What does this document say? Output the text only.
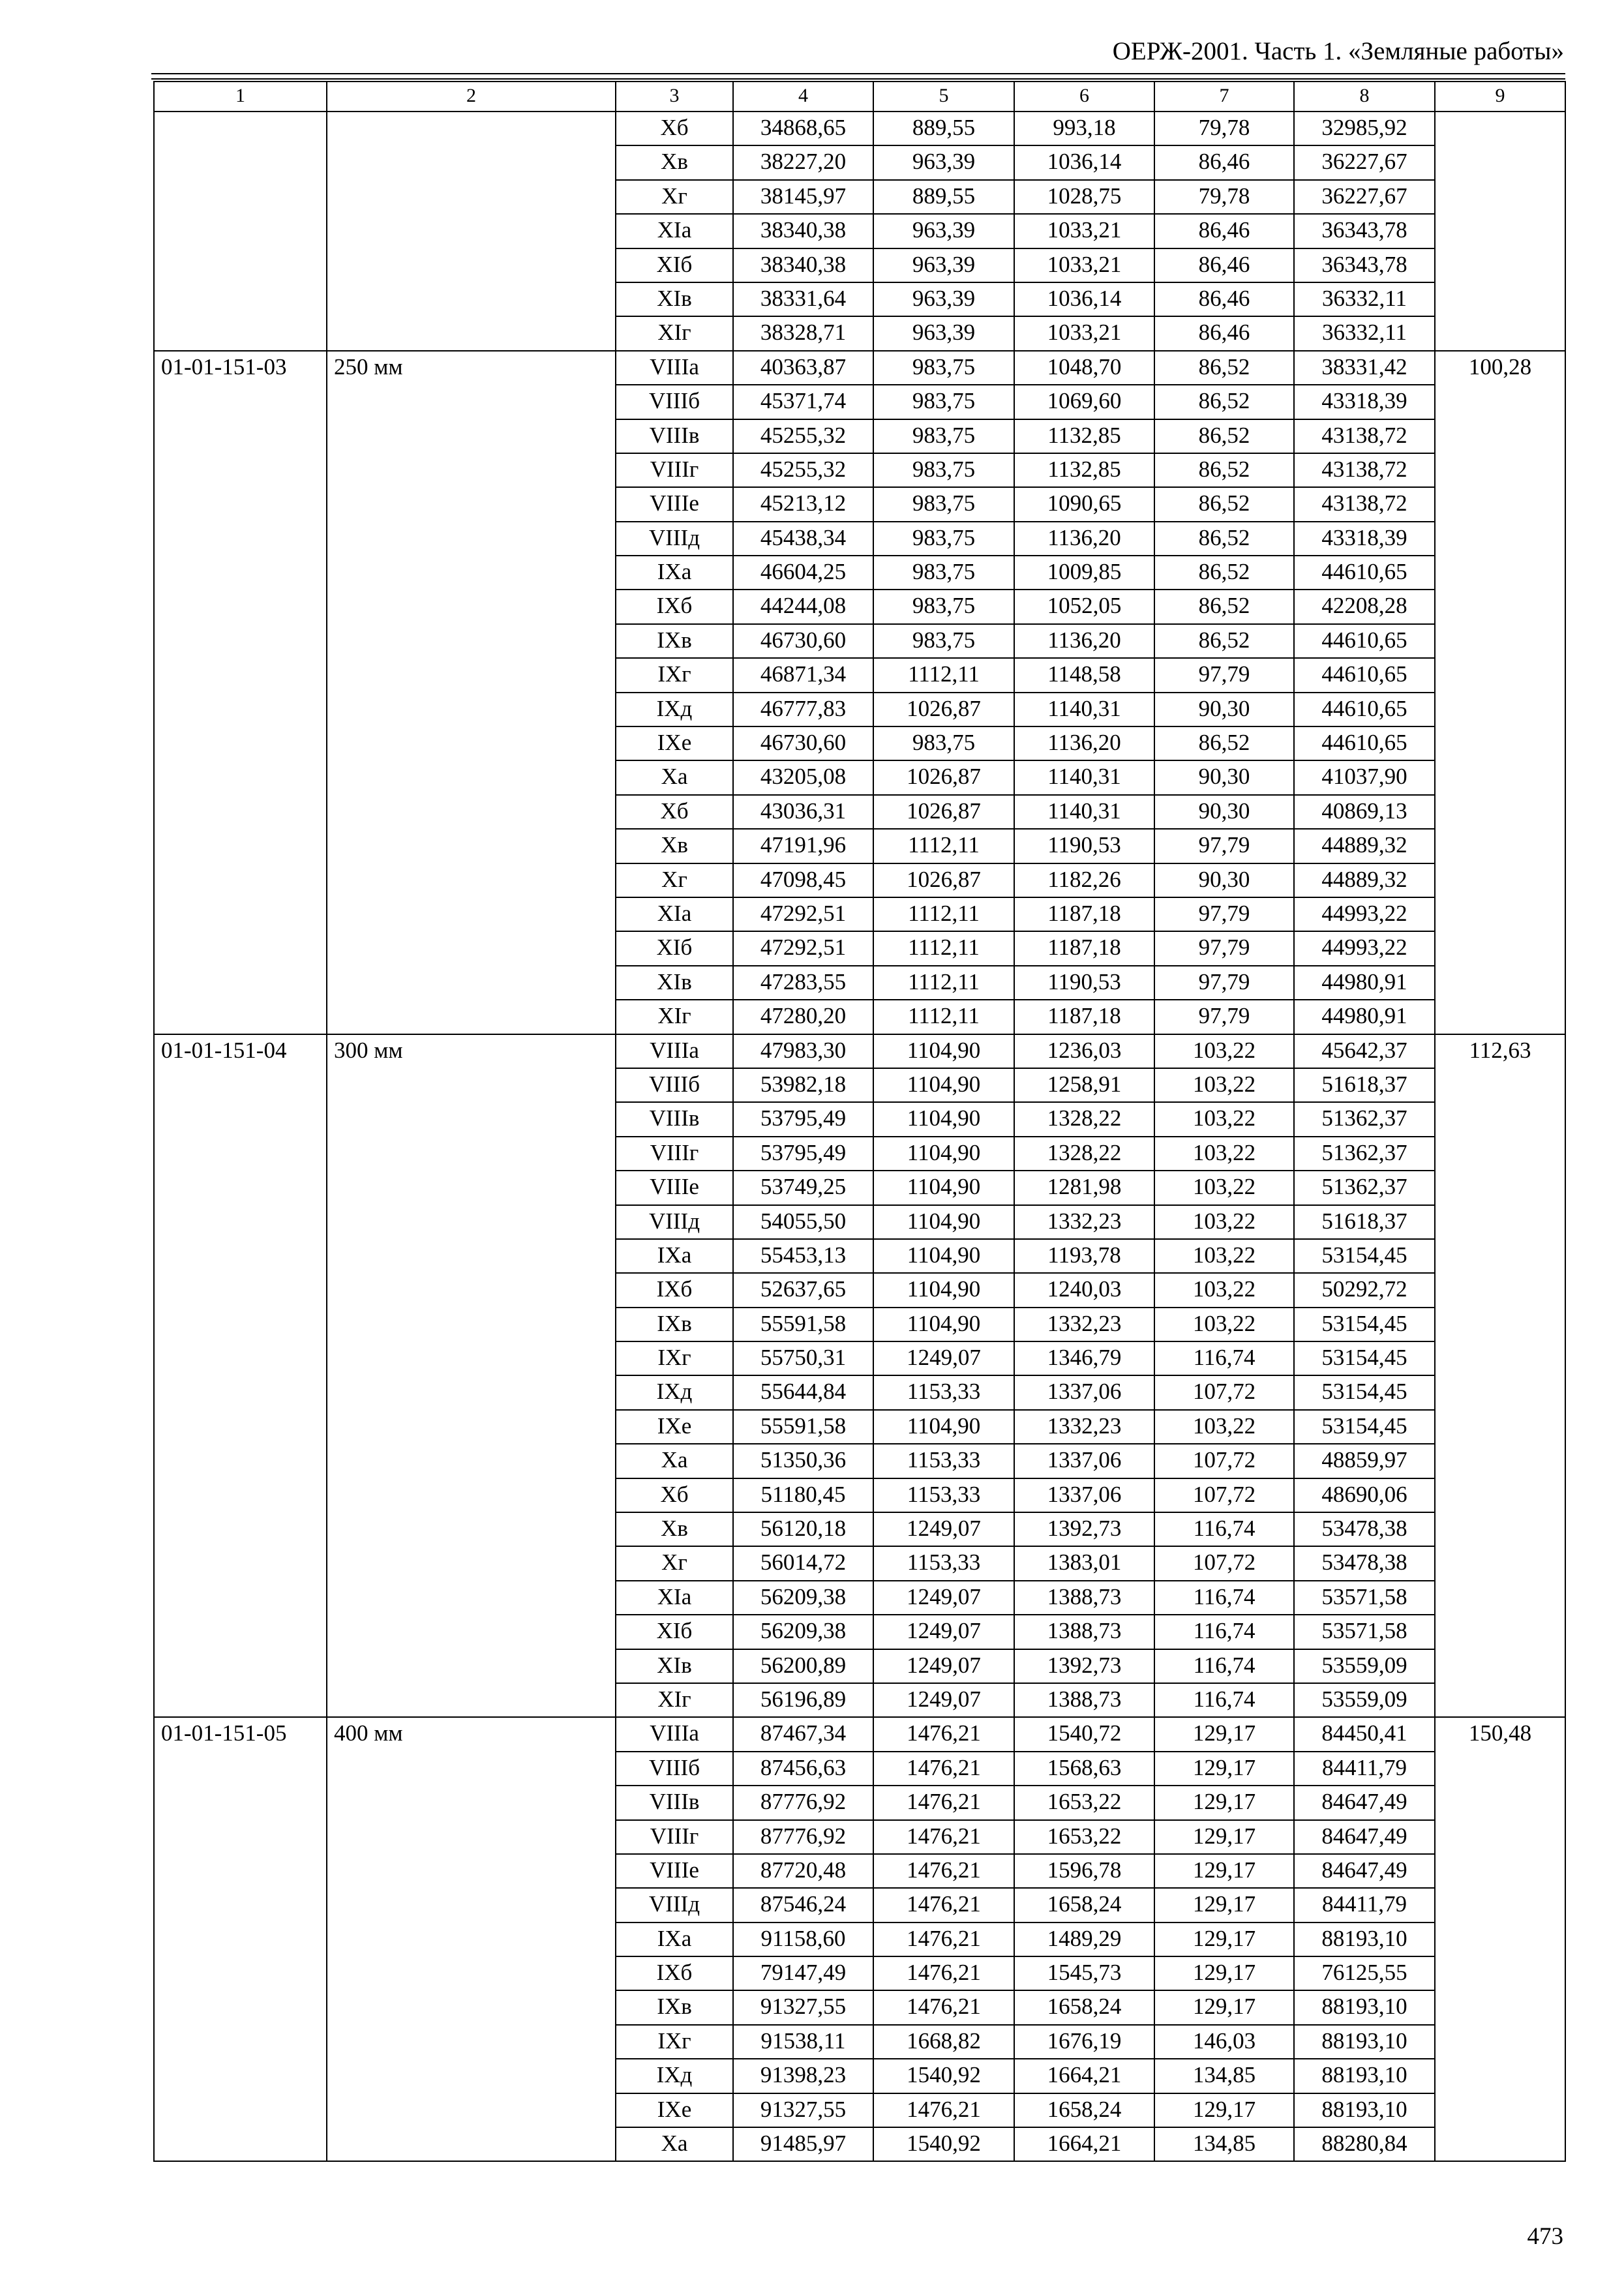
ОЕРЖ-2001. Часть 1. «Земляные работы»
1	2	3	4	5	6	7	8	9
		Xб	34868,65	889,55	993,18	79,78	32985,92	
		Xв	38227,20	963,39	1036,14	86,46	36227,67	
		Xг	38145,97	889,55	1028,75	79,78	36227,67	
		XIa	38340,38	963,39	1033,21	86,46	36343,78	
		XIб	38340,38	963,39	1033,21	86,46	36343,78	
		XIв	38331,64	963,39	1036,14	86,46	36332,11	
		XIг	38328,71	963,39	1033,21	86,46	36332,11	
01-01-151-03	250 мм	VIIIa	40363,87	983,75	1048,70	86,52	38331,42	100,28
		VIIIб	45371,74	983,75	1069,60	86,52	43318,39	
		VIIIв	45255,32	983,75	1132,85	86,52	43138,72	
		VIIIг	45255,32	983,75	1132,85	86,52	43138,72	
		VIIIe	45213,12	983,75	1090,65	86,52	43138,72	
		VIIIд	45438,34	983,75	1136,20	86,52	43318,39	
		IXa	46604,25	983,75	1009,85	86,52	44610,65	
		IXб	44244,08	983,75	1052,05	86,52	42208,28	
		IXв	46730,60	983,75	1136,20	86,52	44610,65	
		IXг	46871,34	1112,11	1148,58	97,79	44610,65	
		IXд	46777,83	1026,87	1140,31	90,30	44610,65	
		IXe	46730,60	983,75	1136,20	86,52	44610,65	
		Xa	43205,08	1026,87	1140,31	90,30	41037,90	
		Xб	43036,31	1026,87	1140,31	90,30	40869,13	
		Xв	47191,96	1112,11	1190,53	97,79	44889,32	
		Xг	47098,45	1026,87	1182,26	90,30	44889,32	
		XIa	47292,51	1112,11	1187,18	97,79	44993,22	
		XIб	47292,51	1112,11	1187,18	97,79	44993,22	
		XIв	47283,55	1112,11	1190,53	97,79	44980,91	
		XIг	47280,20	1112,11	1187,18	97,79	44980,91	
01-01-151-04	300 мм	VIIIa	47983,30	1104,90	1236,03	103,22	45642,37	112,63
		VIIIб	53982,18	1104,90	1258,91	103,22	51618,37	
		VIIIв	53795,49	1104,90	1328,22	103,22	51362,37	
		VIIIг	53795,49	1104,90	1328,22	103,22	51362,37	
		VIIIe	53749,25	1104,90	1281,98	103,22	51362,37	
		VIIIд	54055,50	1104,90	1332,23	103,22	51618,37	
		IXa	55453,13	1104,90	1193,78	103,22	53154,45	
		IXб	52637,65	1104,90	1240,03	103,22	50292,72	
		IXв	55591,58	1104,90	1332,23	103,22	53154,45	
		IXг	55750,31	1249,07	1346,79	116,74	53154,45	
		IXд	55644,84	1153,33	1337,06	107,72	53154,45	
		IXe	55591,58	1104,90	1332,23	103,22	53154,45	
		Xa	51350,36	1153,33	1337,06	107,72	48859,97	
		Xб	51180,45	1153,33	1337,06	107,72	48690,06	
		Xв	56120,18	1249,07	1392,73	116,74	53478,38	
		Xг	56014,72	1153,33	1383,01	107,72	53478,38	
		XIa	56209,38	1249,07	1388,73	116,74	53571,58	
		XIб	56209,38	1249,07	1388,73	116,74	53571,58	
		XIв	56200,89	1249,07	1392,73	116,74	53559,09	
		XIг	56196,89	1249,07	1388,73	116,74	53559,09	
01-01-151-05	400 мм	VIIIa	87467,34	1476,21	1540,72	129,17	84450,41	150,48
		VIIIб	87456,63	1476,21	1568,63	129,17	84411,79	
		VIIIв	87776,92	1476,21	1653,22	129,17	84647,49	
		VIIIг	87776,92	1476,21	1653,22	129,17	84647,49	
		VIIIe	87720,48	1476,21	1596,78	129,17	84647,49	
		VIIIд	87546,24	1476,21	1658,24	129,17	84411,79	
		IXa	91158,60	1476,21	1489,29	129,17	88193,10	
		IXб	79147,49	1476,21	1545,73	129,17	76125,55	
		IXв	91327,55	1476,21	1658,24	129,17	88193,10	
		IXг	91538,11	1668,82	1676,19	146,03	88193,10	
		IXд	91398,23	1540,92	1664,21	134,85	88193,10	
		IXe	91327,55	1476,21	1658,24	129,17	88193,10	
		Xa	91485,97	1540,92	1664,21	134,85	88280,84	
473
